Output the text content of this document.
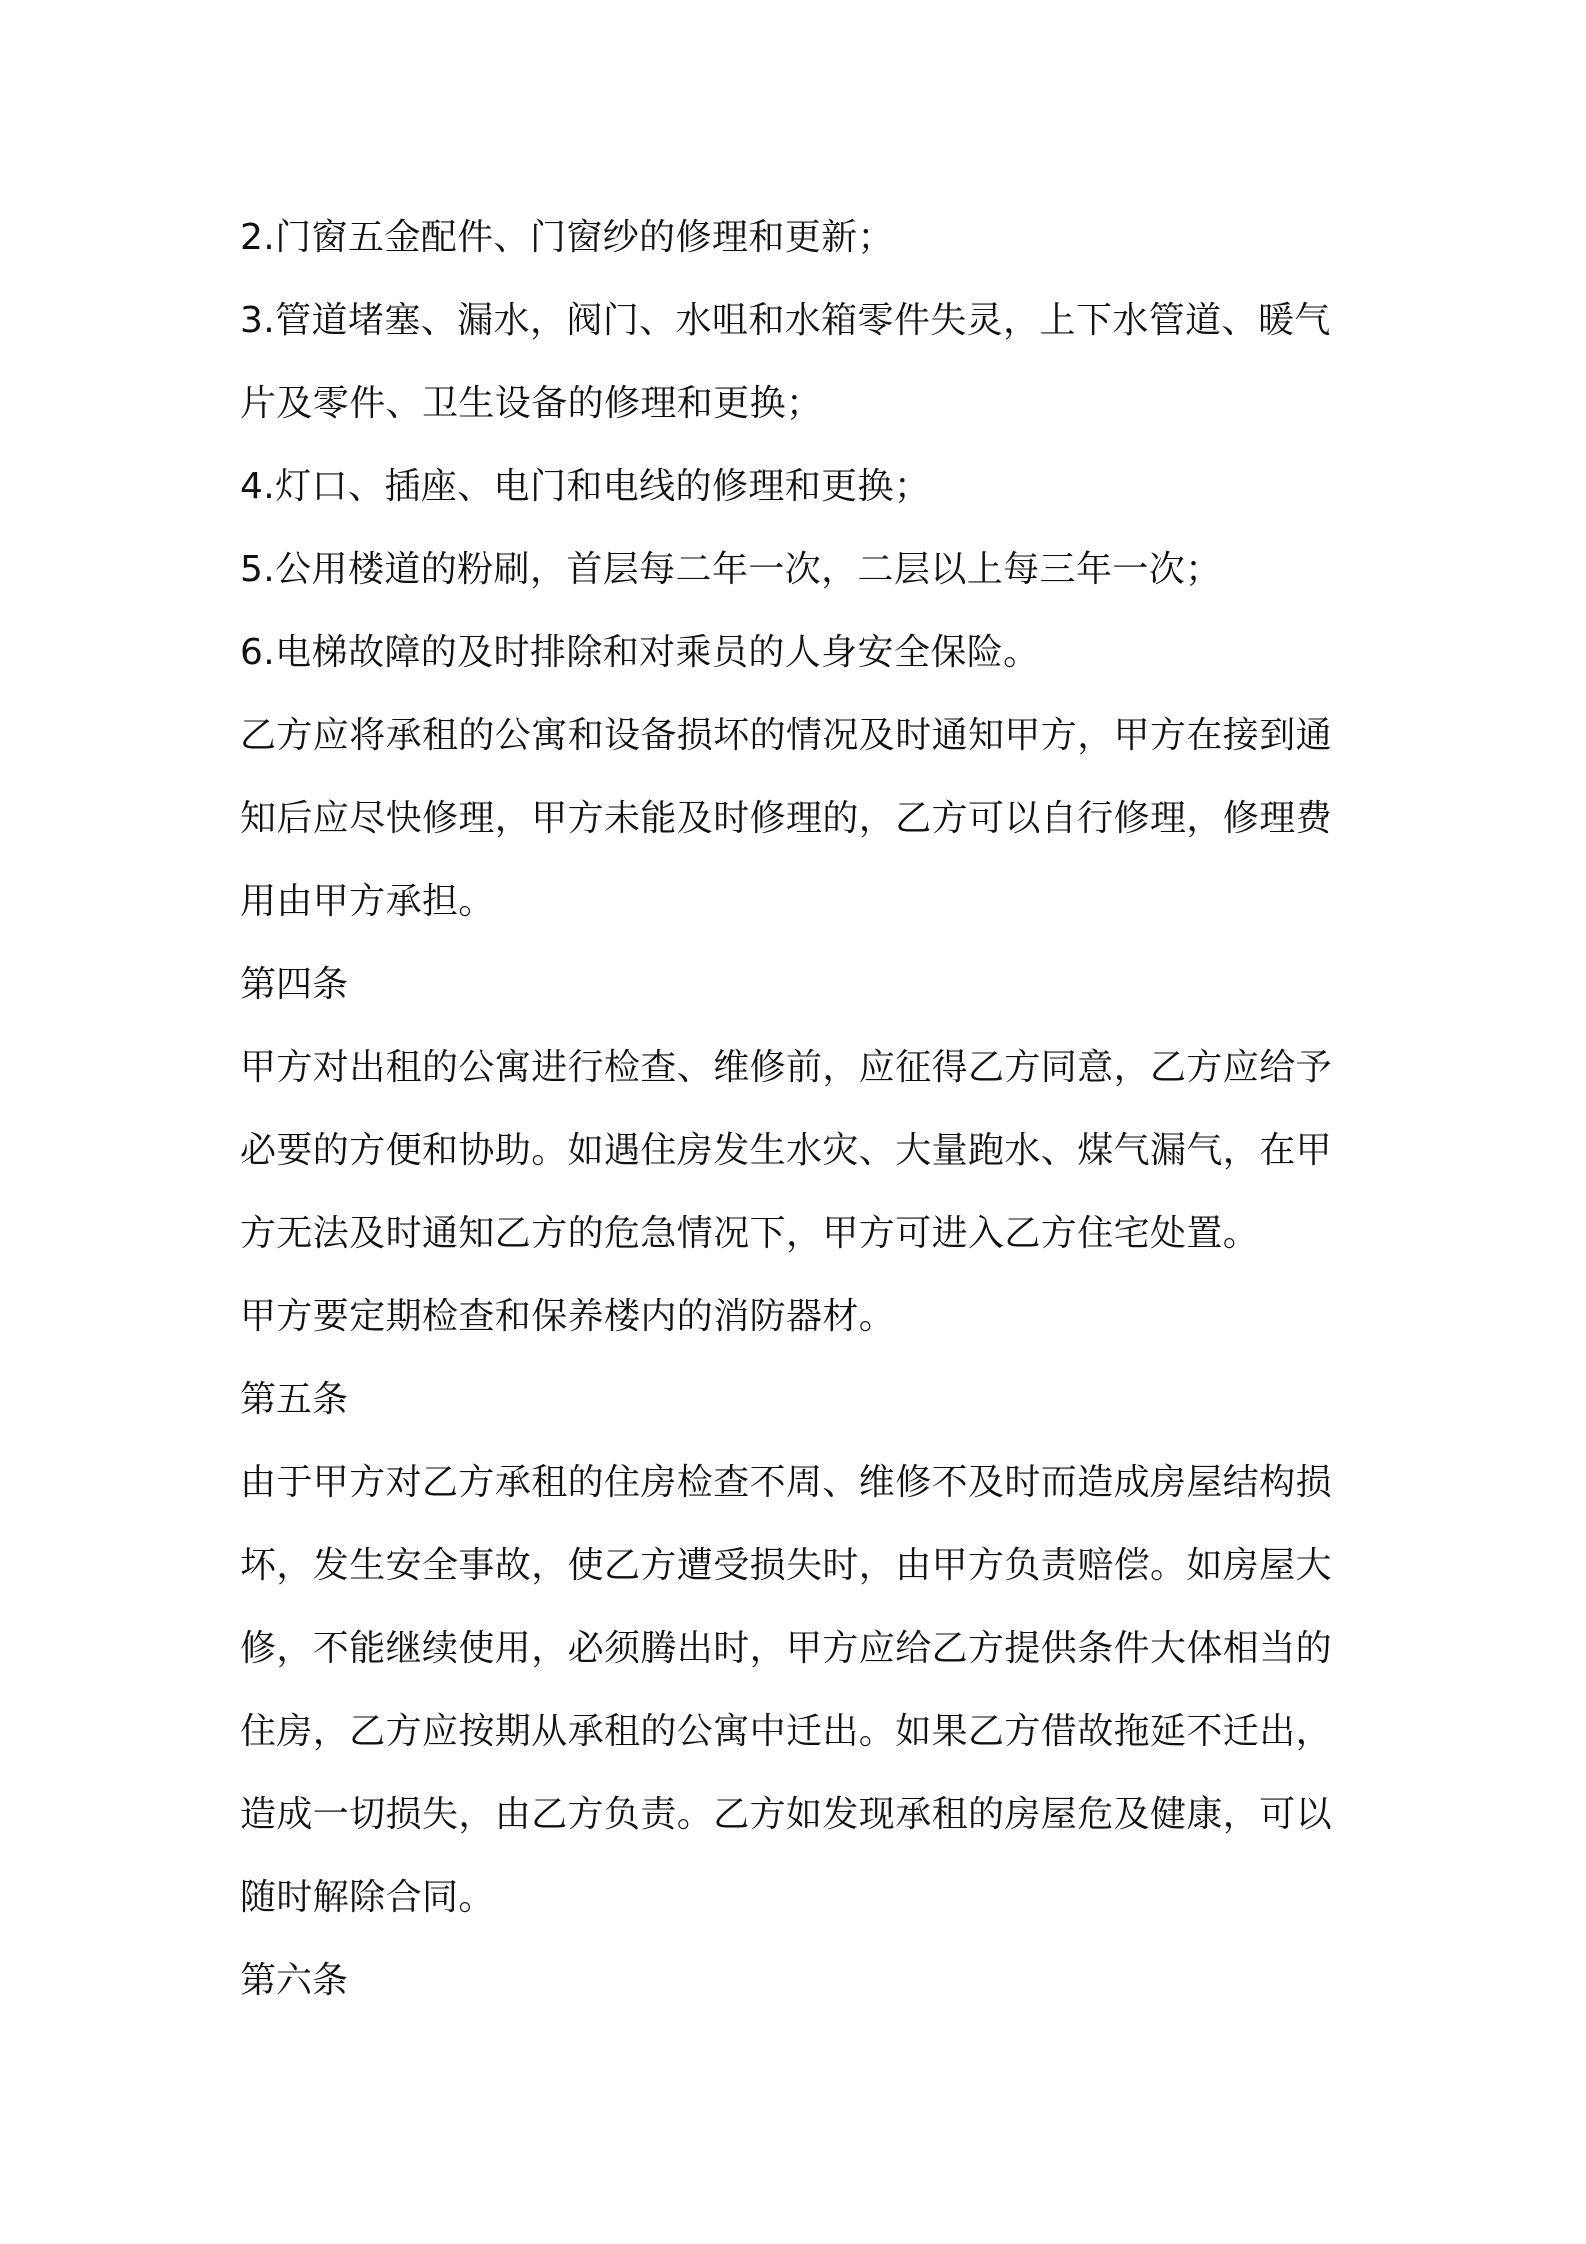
2.门窗五金配件、门窗纱的修理和更新；
3.管道堵塞、漏水，阀门、水咀和水箱零件失灵，上下水管道、暖气
片及零件、卫生设备的修理和更换；
4.灯口、插座、电门和电线的修理和更换；
5.公用楼道的粉刷，首层每二年一次，二层以上每三年一次；
6.电梯故障的及时排除和对乘员的人身安全保险。
乙方应将承租的公寓和设备损坏的情况及时通知甲方，甲方在接到通
知后应尽快修理，甲方未能及时修理的，乙方可以自行修理，修理费
用由甲方承担。
第四条
甲方对出租的公寓进行检查、维修前，应征得乙方同意，乙方应给予
必要的方便和协助。如遇住房发生水灾、大量跑水、煤气漏气，在甲
方无法及时通知乙方的危急情况下，甲方可进入乙方住宅处置。
甲方要定期检查和保养楼内的消防器材。
第五条
由于甲方对乙方承租的住房检查不周、维修不及时而造成房屋结构损
坏，发生安全事故，使乙方遭受损失时，由甲方负责赔偿。如房屋大
修，不能继续使用，必须腾出时，甲方应给乙方提供条件大体相当的
住房，乙方应按期从承租的公寓中迁出。如果乙方借故拖延不迁出，
造成一切损失，由乙方负责。乙方如发现承租的房屋危及健康，可以
随时解除合同。
第六条
